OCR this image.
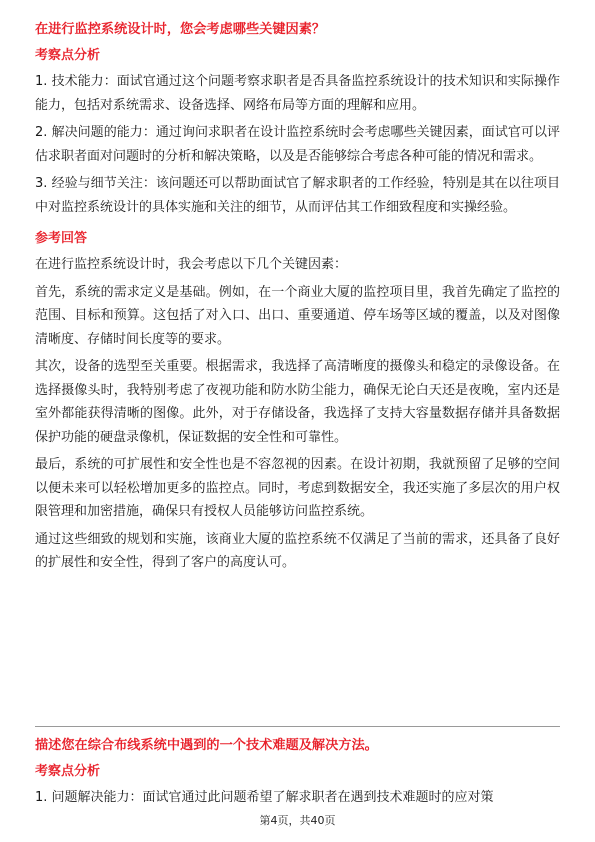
在进行监控系统设计时，您会考虑哪些关键因素？
考察点分析
1. 技术能力：面试官通过这个问题考察求职者是否具备监控系统设计的技术知识和实际操作能力，包括对系统需求、设备选择、网络布局等方面的理解和应用。
2. 解决问题的能力：通过询问求职者在设计监控系统时会考虑哪些关键因素，面试官可以评估求职者面对问题时的分析和解决策略，以及是否能够综合考虑各种可能的情况和需求。
3. 经验与细节关注：该问题还可以帮助面试官了解求职者的工作经验，特别是其在以往项目中对监控系统设计的具体实施和关注的细节，从而评估其工作细致程度和实操经验。
参考回答
在进行监控系统设计时，我会考虑以下几个关键因素：
首先，系统的需求定义是基础。例如，在一个商业大厦的监控项目里，我首先确定了监控的范围、目标和预算。这包括了对入口、出口、重要通道、停车场等区域的覆盖，以及对图像清晰度、存储时间长度等的要求。
其次，设备的选型至关重要。根据需求，我选择了高清晰度的摄像头和稳定的录像设备。在选择摄像头时，我特别考虑了夜视功能和防水防尘能力，确保无论白天还是夜晚，室内还是室外都能获得清晰的图像。此外，对于存储设备，我选择了支持大容量数据存储并具备数据保护功能的硬盘录像机，保证数据的安全性和可靠性。
最后，系统的可扩展性和安全性也是不容忽视的因素。在设计初期，我就预留了足够的空间以便未来可以轻松增加更多的监控点。同时，考虑到数据安全，我还实施了多层次的用户权限管理和加密措施，确保只有授权人员能够访问监控系统。
通过这些细致的规划和实施，该商业大厦的监控系统不仅满足了当前的需求，还具备了良好的扩展性和安全性，得到了客户的高度认可。
描述您在综合布线系统中遇到的一个技术难题及解决方法。
考察点分析
1. 问题解决能力：面试官通过此问题希望了解求职者在遇到技术难题时的应对策
第4页，共40页
